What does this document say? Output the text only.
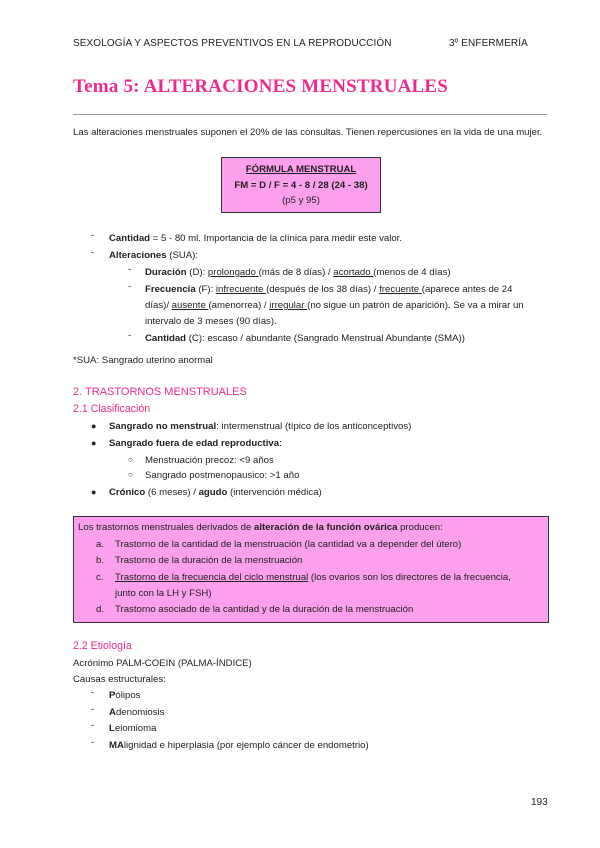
SEXOLOGÍA Y ASPECTOS PREVENTIVOS EN LA REPRODUCCIÓN	3º ENFERMERÍA
Tema 5: ALTERACIONES MENSTRUALES
Las alteraciones menstruales suponen el 20% de las consultas. Tienen repercusiones en la vida de una mujer.
FÓRMULA MENSTRUAL
FM = D / F = 4 - 8 / 28 (24 - 38)
(p5 y 95)
- Cantidad = 5 - 80 ml. Importancia de la clínica para medir este valor.
- Alteraciones (SUA):
- Duración (D): prolongado (más de 8 días) / acortado (menos de 4 días)
- Frecuencia (F): infrecuente (después de los 38 días) / frecuente (aparece antes de 24
días)/ ausente (amenorrea) / irregular (no sigue un patrón de aparición). Se va a mirar un
intervalo de 3 meses (90 días).
- Cantidad (C): escaso / abundante (Sangrado Menstrual Abundante (SMA))
*SUA: Sangrado uterino anormal
2. TRASTORNOS MENSTRUALES
2.1 Clasificación
● Sangrado no menstrual: intermenstrual (típico de los anticonceptivos)
● Sangrado fuera de edad reproductiva:
○ Menstruación precoz: <9 años
○ Sangrado postmenopausico: >1 año
● Crónico (6 meses) / agudo (intervención médica)
Los trastornos menstruales derivados de alteración de la función ovárica producen:
a. Trastorno de la cantidad de la menstruación (la cantidad va a depender del útero)
b. Trastorno de la duración de la menstruación
c. Trastorno de la frecuencia del ciclo menstrual (los ovarios son los directores de la frecuencia,
junto con la LH y FSH)
d. Trastorno asociado de la cantidad y de la duración de la menstruación
2.2 Etiología
Acrónimo PALM-COEIN (PALMA-ÍNDICE)
Causas estructurales:
- Pólipos
- Adenomiosis
- Leiomioma
- MAlignidad e hiperplasia (por ejemplo cáncer de endometrio)
193
